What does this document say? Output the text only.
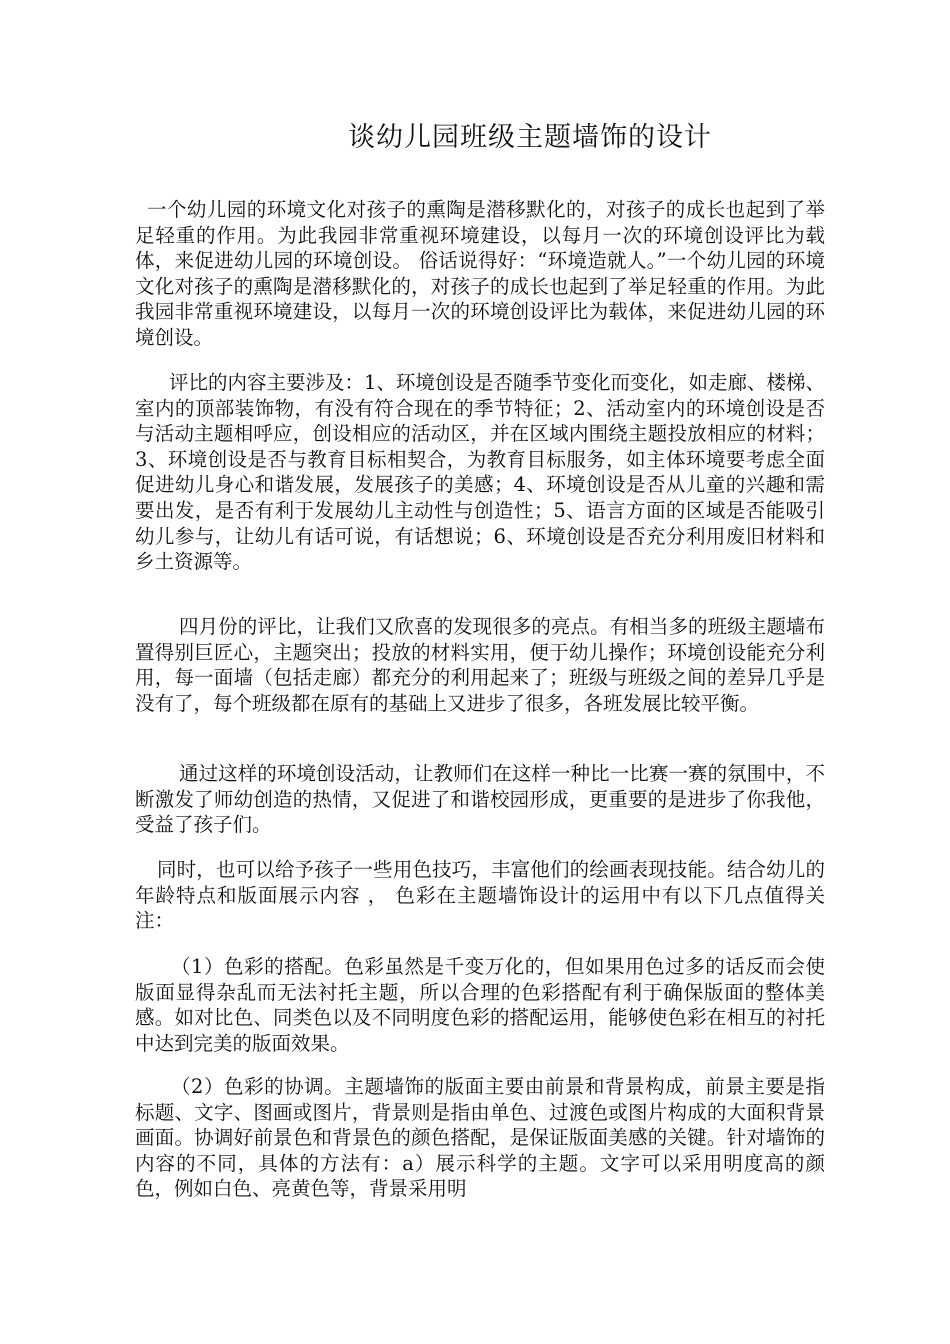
谈幼儿园班级主题墙饰的设计
一个幼儿园的环境文化对孩子的熏陶是潜移默化的，对孩子的成长也起到了举足轻重的作用。为此我园非常重视环境建设，以每月一次的环境创设评比为载体，来促进幼儿园的环境创设。 俗话说得好：“环境造就人。”一个幼儿园的环境文化对孩子的熏陶是潜移默化的，对孩子的成长也起到了举足轻重的作用。为此我园非常重视环境建设，以每月一次的环境创设评比为载体，来促进幼儿园的环境创设。
评比的内容主要涉及：1、环境创设是否随季节变化而变化，如走廊、楼梯、室内的顶部装饰物，有没有符合现在的季节特征；2、活动室内的环境创设是否与活动主题相呼应，创设相应的活动区，并在区域内围绕主题投放相应的材料；3、环境创设是否与教育目标相契合，为教育目标服务，如主体环境要考虑全面促进幼儿身心和谐发展，发展孩子的美感；4、环境创设是否从儿童的兴趣和需要出发，是否有利于发展幼儿主动性与创造性；5、语言方面的区域是否能吸引幼儿参与，让幼儿有话可说，有话想说；6、环境创设是否充分利用废旧材料和乡土资源等。
四月份的评比，让我们又欣喜的发现很多的亮点。有相当多的班级主题墙布置得别巨匠心，主题突出；投放的材料实用，便于幼儿操作；环境创设能充分利用，每一面墙（包括走廊）都充分的利用起来了；班级与班级之间的差异几乎是没有了，每个班级都在原有的基础上又进步了很多，各班发展比较平衡。
通过这样的环境创设活动，让教师们在这样一种比一比赛一赛的氛围中，不断激发了师幼创造的热情，又促进了和谐校园形成，更重要的是进步了你我他，受益了孩子们。
同时，也可以给予孩子一些用色技巧，丰富他们的绘画表现技能。结合幼儿的年龄特点和版面展示内容 ， 色彩在主题墙饰设计的运用中有以下几点值得关注：
（1）色彩的搭配。色彩虽然是千变万化的，但如果用色过多的话反而会使版面显得杂乱而无法衬托主题，所以合理的色彩搭配有利于确保版面的整体美感。如对比色、同类色以及不同明度色彩的搭配运用，能够使色彩在相互的衬托中达到完美的版面效果。
（2）色彩的协调。主题墙饰的版面主要由前景和背景构成，前景主要是指标题、文字、图画或图片，背景则是指由单色、过渡色或图片构成的大面积背景画面。协调好前景色和背景色的颜色搭配，是保证版面美感的关键。针对墙饰的内容的不同，具体的方法有：a）展示科学的主题。文字可以采用明度高的颜色，例如白色、亮黄色等，背景采用明
